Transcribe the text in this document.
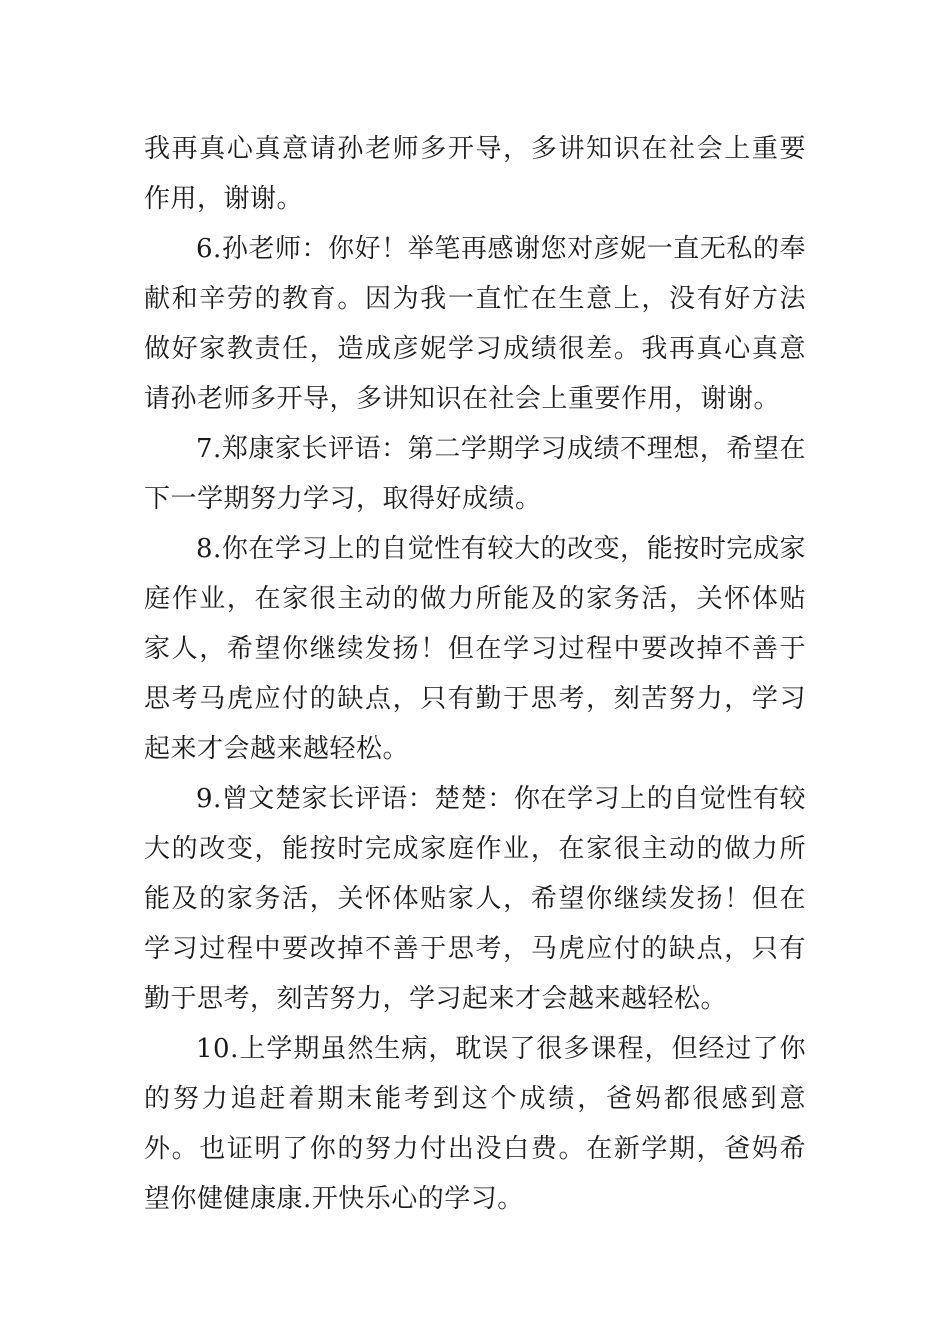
我再真心真意请孙老师多开导，多讲知识在社会上重要作用，谢谢。

6.孙老师：你好！举笔再感谢您对彦妮一直无私的奉献和辛劳的教育。因为我一直忙在生意上，没有好方法做好家教责任，造成彦妮学习成绩很差。我再真心真意请孙老师多开导，多讲知识在社会上重要作用，谢谢。

7.郑康家长评语：第二学期学习成绩不理想，希望在下一学期努力学习，取得好成绩。

8.你在学习上的自觉性有较大的改变，能按时完成家庭作业，在家很主动的做力所能及的家务活，关怀体贴家人，希望你继续发扬！但在学习过程中要改掉不善于思考马虎应付的缺点，只有勤于思考，刻苦努力，学习起来才会越来越轻松。

9.曾文楚家长评语：楚楚：你在学习上的自觉性有较大的改变，能按时完成家庭作业，在家很主动的做力所能及的家务活，关怀体贴家人，希望你继续发扬！但在学习过程中要改掉不善于思考，马虎应付的缺点，只有勤于思考，刻苦努力，学习起来才会越来越轻松。

10.上学期虽然生病，耽误了很多课程，但经过了你的努力追赶着期末能考到这个成绩，爸妈都很感到意外。也证明了你的努力付出没白费。在新学期，爸妈希望你健健康康.开快乐心的学习。
